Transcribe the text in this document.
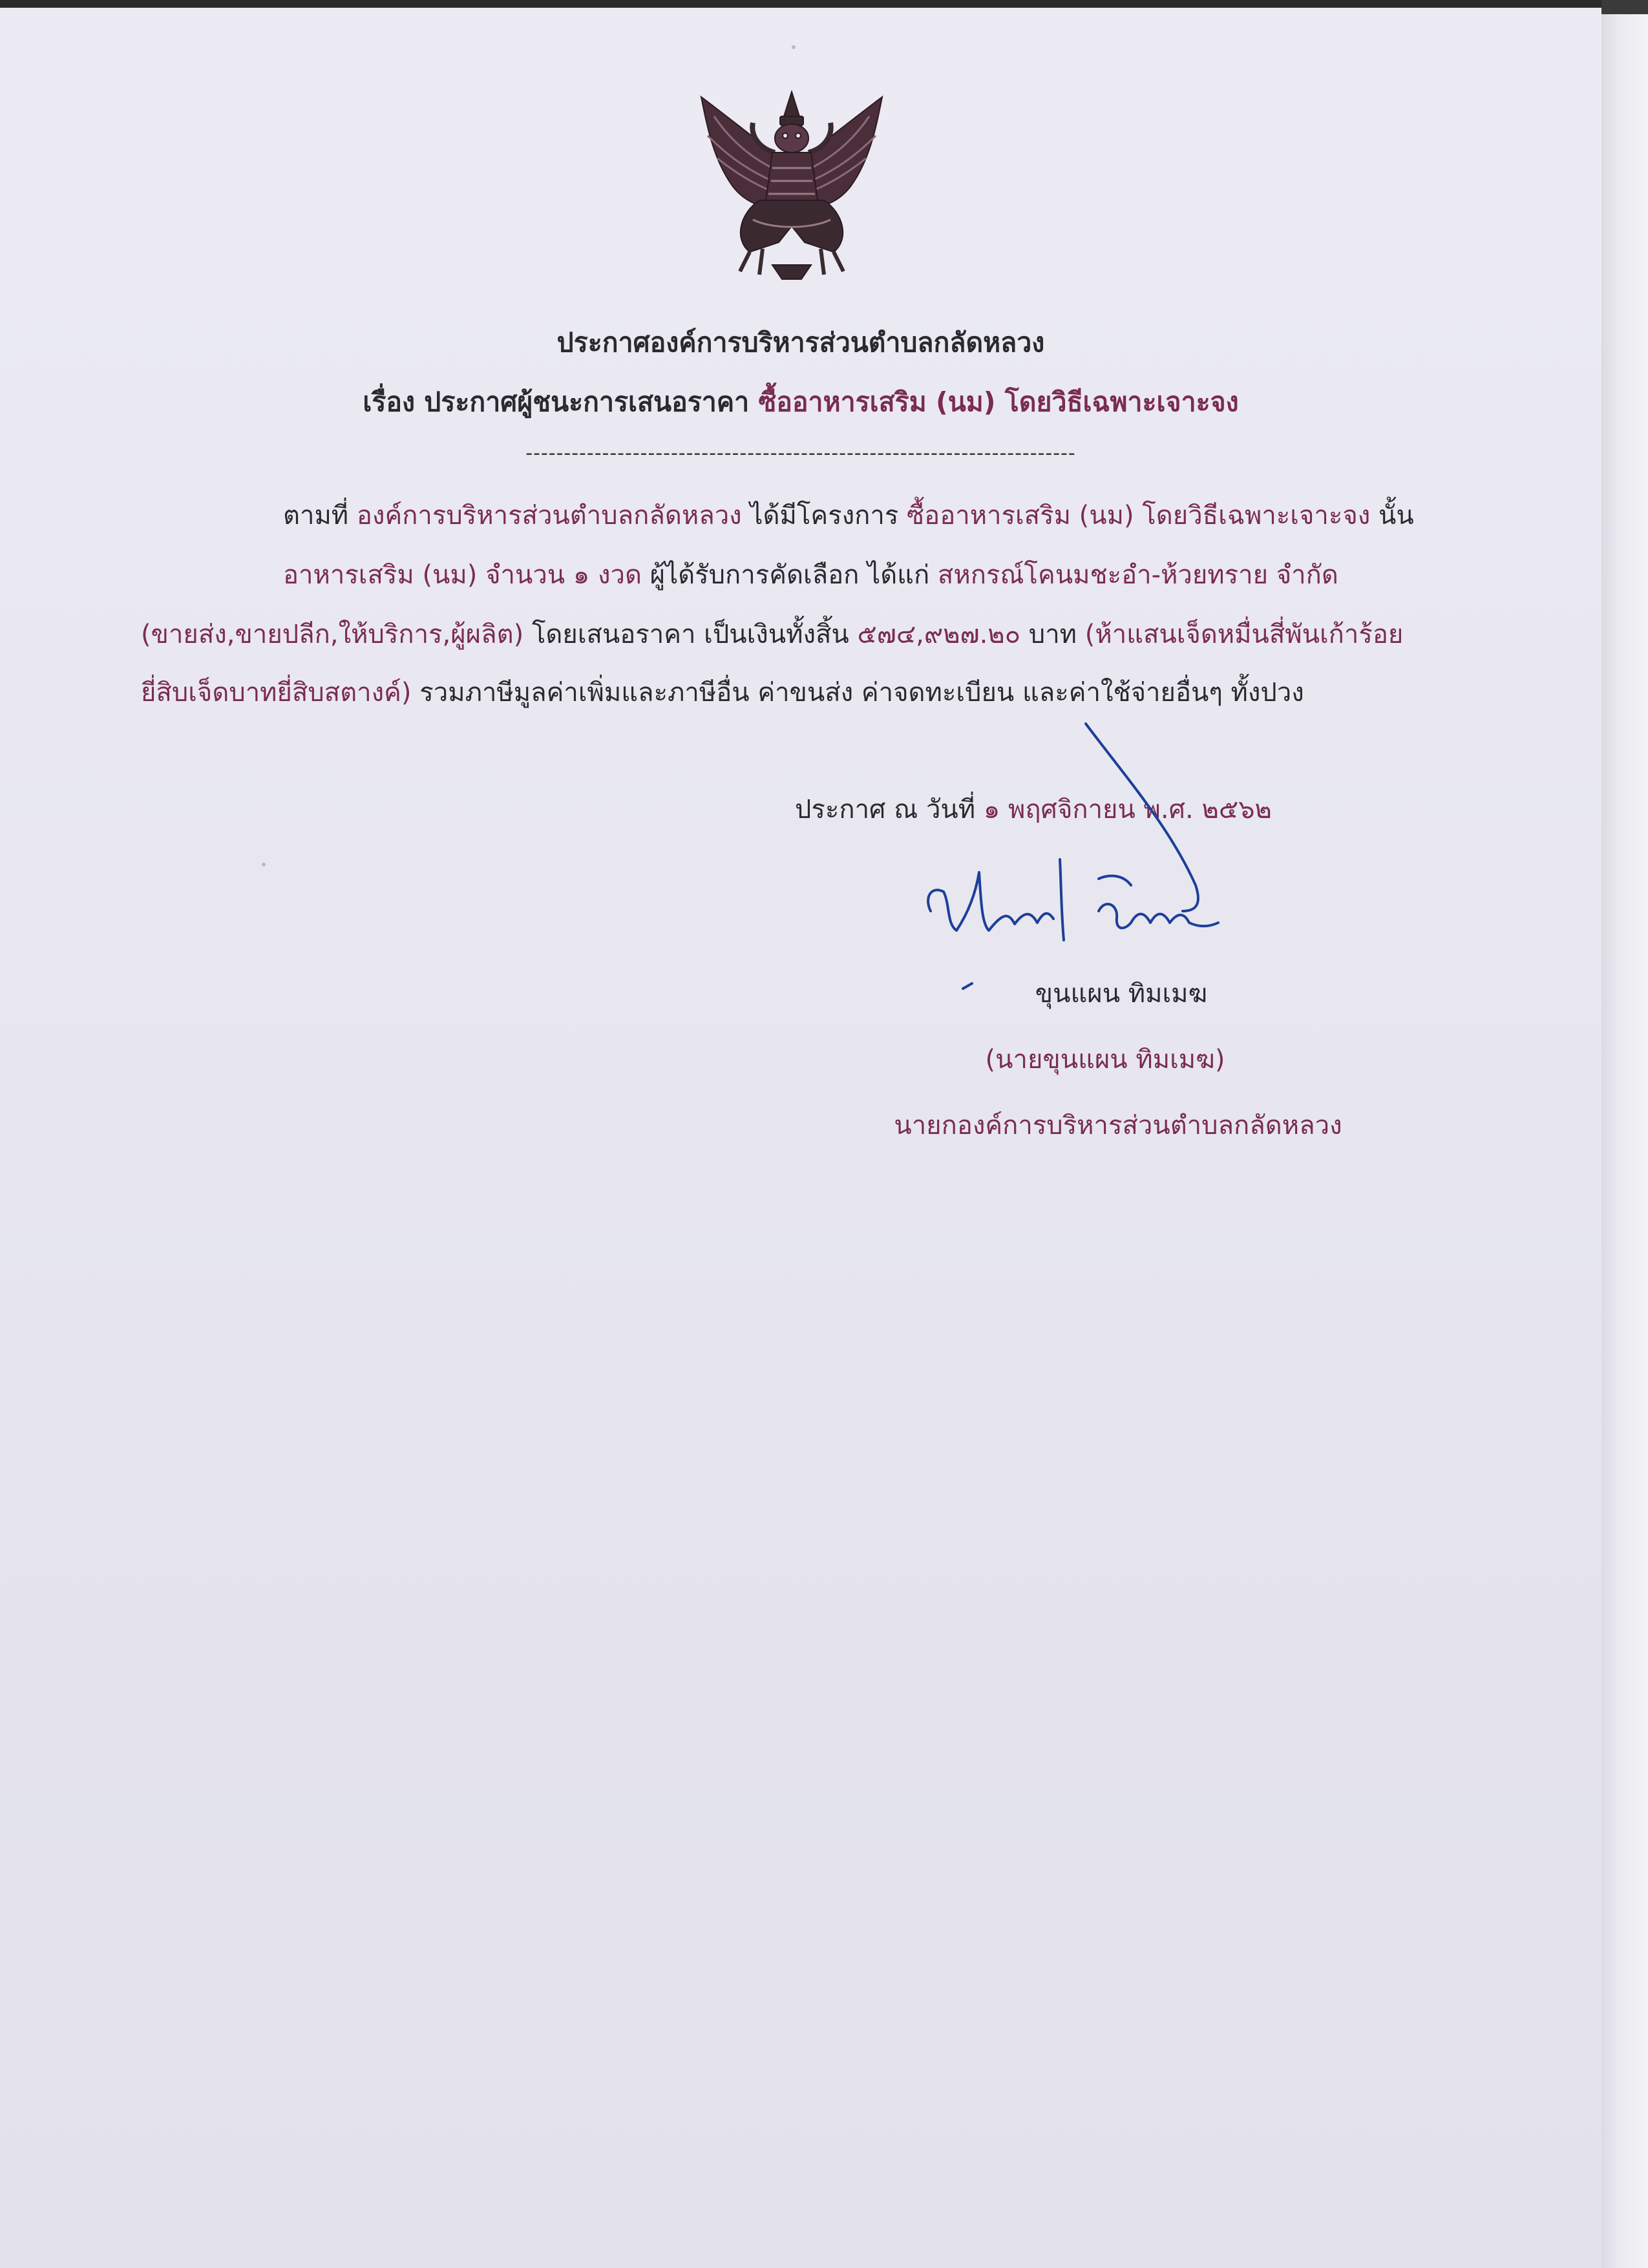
ประกาศองค์การบริหารส่วนตำบลกลัดหลวง
เรื่อง ประกาศผู้ชนะการเสนอราคา ซื้ออาหารเสริม (นม) โดยวิธีเฉพาะเจาะจง
------------------------------------------------------------------------
ตามที่ องค์การบริหารส่วนตำบลกลัดหลวง ได้มีโครงการ ซื้ออาหารเสริม (นม) โดยวิธีเฉพาะเจาะจง นั้น
อาหารเสริม (นม) จำนวน ๑ งวด ผู้ได้รับการคัดเลือก ได้แก่ สหกรณ์โคนมชะอำ-ห้วยทราย จำกัด
(ขายส่ง,ขายปลีก,ให้บริการ,ผู้ผลิต) โดยเสนอราคา เป็นเงินทั้งสิ้น ๕๗๔,๙๒๗.๒๐ บาท (ห้าแสนเจ็ดหมื่นสี่พันเก้าร้อย
ยี่สิบเจ็ดบาทยี่สิบสตางค์) รวมภาษีมูลค่าเพิ่มและภาษีอื่น ค่าขนส่ง ค่าจดทะเบียน และค่าใช้จ่ายอื่นๆ ทั้งปวง
ประกาศ ณ วันที่ ๑ พฤศจิกายน พ.ศ. ๒๕๖๒
ขุนแผน ทิมเมฆ
(นายขุนแผน ทิมเมฆ)
นายกองค์การบริหารส่วนตำบลกลัดหลวง
